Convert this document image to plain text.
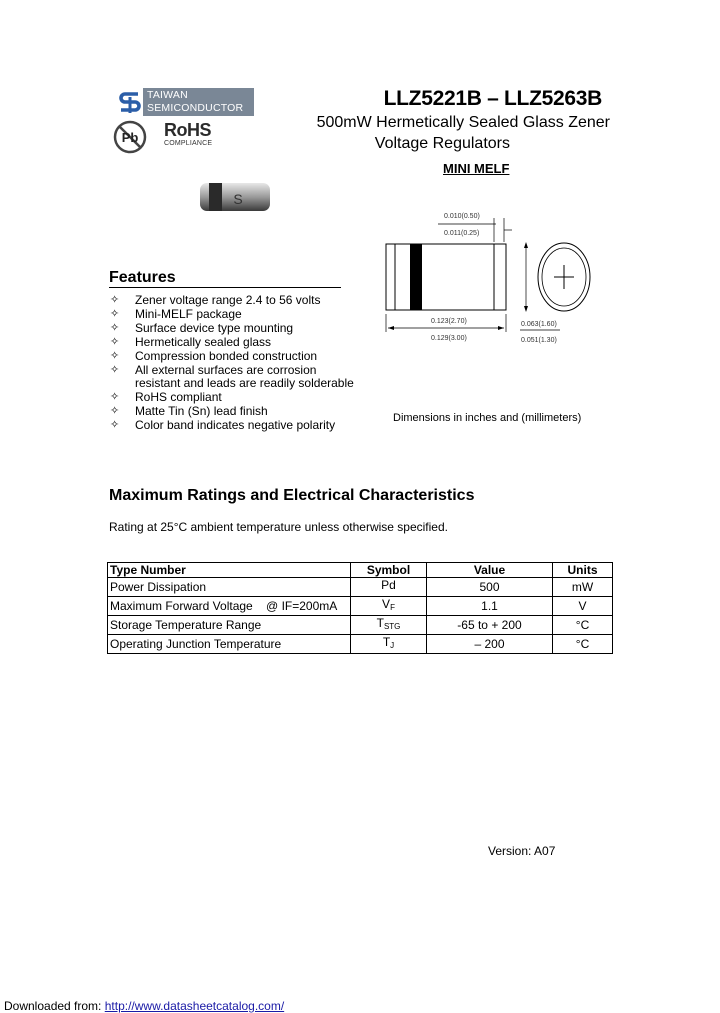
TAIWAN
SEMICONDUCTOR
Pb RoHS
COMPLIANCE
S
LLZ5221B – LLZ5263B
500mW Hermetically Sealed Glass Zener
Voltage Regulators
MINI MELF
0.010(0.50)
0.011(0.25)
0.123(2.70)
0.129(3.00)
0.063(1.60)
0.051(1.30)
Dimensions in inches and (millimeters)
Features
✧ Zener voltage range 2.4 to 56 volts
✧ Mini-MELF package
✧ Surface device type mounting
✧ Hermetically sealed glass
✧ Compression bonded construction
✧ All external surfaces are corrosion
resistant and leads are readily solderable
✧ RoHS compliant
✧ Matte Tin (Sn) lead finish
✧ Color band indicates negative polarity
Maximum Ratings and Electrical Characteristics
Rating at 25°C ambient temperature unless otherwise specified.
Type Number	Symbol	Value	Units
Power Dissipation	Pd	500	mW
Maximum Forward Voltage    @ IF=200mA	$V_F$	1.1	V
Storage Temperature Range	$T_{STG}$	-65 to + 200	°C
Operating Junction Temperature	$T_J$	– 200	°C
Version: A07
Downloaded from: http://www.datasheetcatalog.com/
